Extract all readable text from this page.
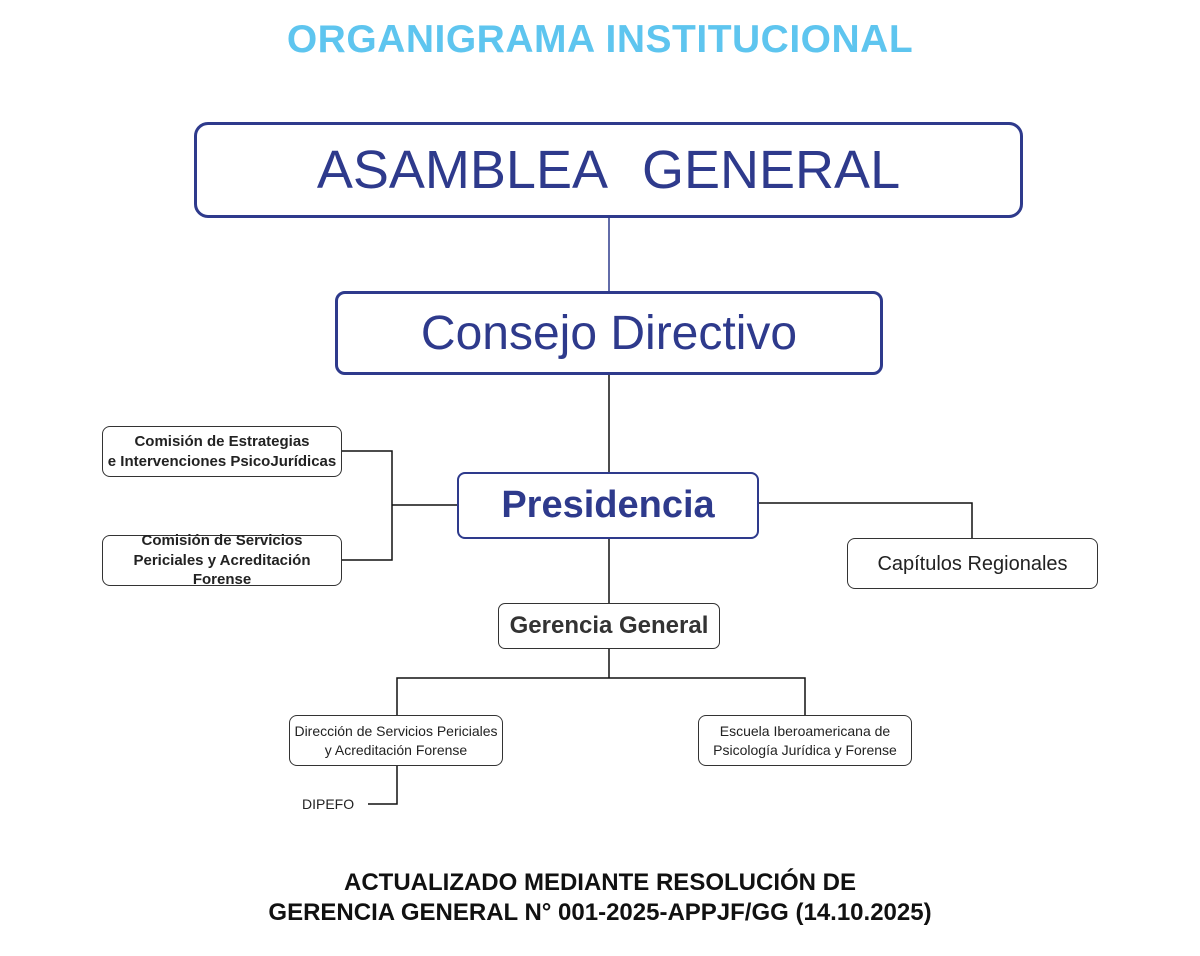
ORGANIGRAMA INSTITUCIONAL
ASAMBLEA GENERAL
Consejo Directivo
Presidencia
Comisión de Estrategias
e Intervenciones PsicoJurídicas
Comisión de Servicios
Periciales y Acreditación Forense
Capítulos Regionales
Gerencia General
Dirección de Servicios Periciales
y Acreditación Forense
Escuela Iberoamericana de
Psicología Jurídica y Forense
DIPEFO
ACTUALIZADO MEDIANTE RESOLUCIÓN DE
GERENCIA GENERAL N° 001-2025-APPJF/GG (14.10.2025)
